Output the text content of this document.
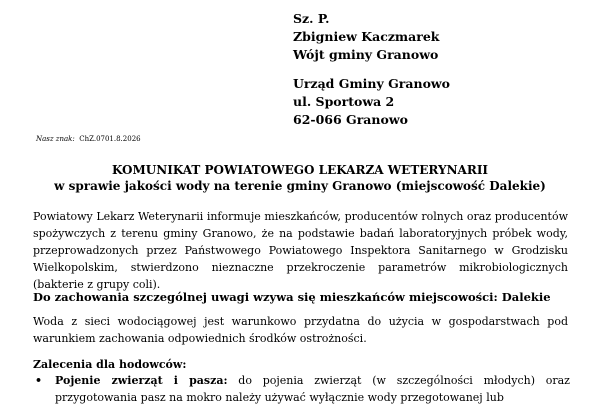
Sz. P.
Zbigniew Kaczmarek
Wójt gminy Granowo
Urząd Gminy Granowo
ul. Sportowa 2
62-066 Granowo
Nasz znak: ChZ.0701.8.2026
KOMUNIKAT POWIATOWEGO LEKARZA WETERYNARII
w sprawie jakości wody na terenie gminy Granowo (miejscowość Dalekie)
Powiatowy Lekarz Weterynarii informuje mieszkańców, producentów rolnych oraz producentów spożywczych z terenu gminy Granowo, że na podstawie badań laboratoryjnych próbek wody, przeprowadzonych przez Państwowego Powiatowego Inspektora Sanitarnego w Grodzisku Wielkopolskim, stwierdzono nieznaczne przekroczenie parametrów mikrobiologicznych (bakterie z grupy coli).
Do zachowania szczególnej uwagi wzywa się mieszkańców miejscowości: Dalekie
Woda z sieci wodociągowej jest warunkowo przydatna do użycia w gospodarstwach pod warunkiem zachowania odpowiednich środków ostrożności.
Zalecenia dla hodowców:
• Pojenie zwierząt i pasza: do pojenia zwierząt (w szczególności młodych) oraz przygotowania pasz na mokro należy używać wyłącznie wody przegotowanej lub
